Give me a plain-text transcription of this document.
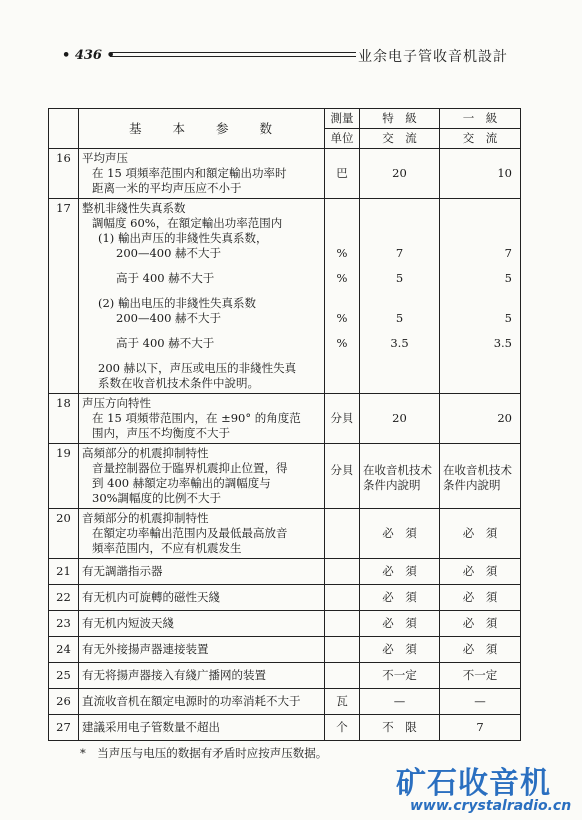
• 436 •	业余电子管收音机設計
	基　　本　　参　　数	測量	特　級	一　級
		单位	交　流	交　流
16	平均声压
在 15 項頻率范围内和額定輸出功率时
距离一米的平均声压应不小于	巴	20	10
17	整机非綫性失真系数
調幅度 60%，在額定輸出功率范围内
(1) 輸出声压的非綫性失真系数，
200—400 赫不大于	%	7	7

	高于 400 赫不大于	%	5	5

	(2) 輸出电压的非綫性失真系数
200—400 赫不大于	%	5	5

	高于 400 赫不大于	%	3.5	3.5

	200 赫以下，声压或电压的非綫性失真
系数在收音机技术条件中說明。			

18	声压方向特性
在 15 項頻带范围内，在 ±90° 的角度范
围内，声压不均衡度不大于	分貝	20	20
19	高頻部分的机震抑制特性
音量控制器位于臨界机震抑止位置，得
到 400 赫額定功率輸出的調幅度与
30%調幅度的比例不大于	分貝	在收音机技术条件内說明	在收音机技术条件内說明
20	音頻部分的机震抑制特性
在額定功率輸出范围内及最低最高放音
頻率范围内，不应有机震发生		必　須	必　須
21	有无調諧指示器		必　須	必　須
22	有无机内可旋轉的磁性天綫		必　須	必　須
23	有无机内短波天綫		必　須	必　須
24	有无外接揚声器連接装置		必　須	必　須
25	有无将揚声器接入有綫广播网的装置		不一定	不一定
26	直流收音机在額定电源时的功率消耗不大于	瓦	—	—
27	建議采用电子管数量不超出	个	不　限	7
*　当声压与电压的数据有矛盾时应按声压数据。
矿石收音机
www.crystalradio.cn
